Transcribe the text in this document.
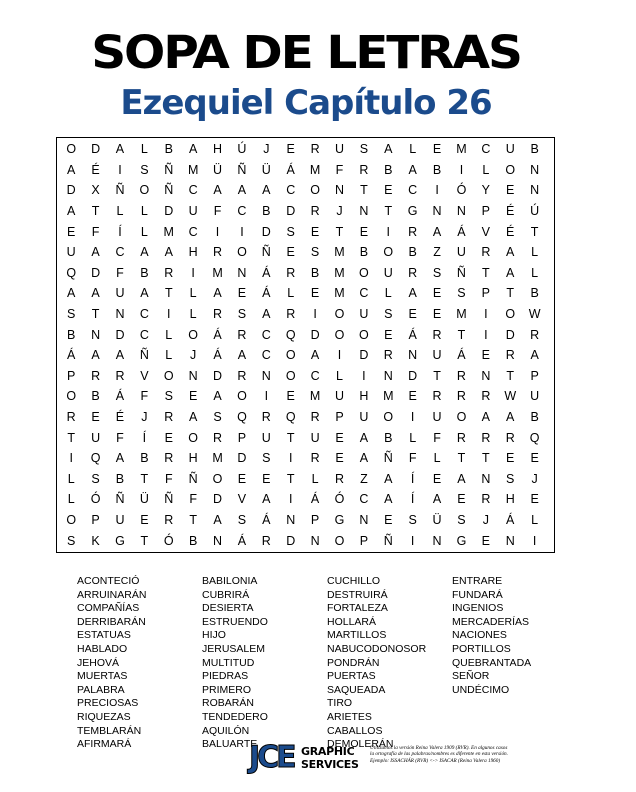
SOPA DE LETRAS
Ezequiel Capítulo 26
O	D	A	L	B	A	H	Ú	J	E	R	U	S	A	L	E	M	C	U	B
A	É	I	S	Ñ	M	Ü	Ñ	Ü	Á	M	F	R	B	A	B	I	L	O	N
D	X	Ñ	O	Ñ	C	A	A	A	C	O	N	T	E	C	I	Ó	Y	E	N
A	T	L	L	D	U	F	C	B	D	R	J	N	T	G	N	N	P	É	Ú
E	F	Í	L	M	C	I	I	D	S	E	T	E	I	R	A	Á	V	É	T
U	A	C	A	A	H	R	O	Ñ	E	S	M	B	O	B	Z	U	R	A	L
Q	D	F	B	R	I	M	N	Á	R	B	M	O	U	R	S	Ñ	T	A	L
A	A	U	A	T	L	A	E	Á	L	E	M	C	L	A	E	S	P	T	B
S	T	N	C	I	L	R	S	A	R	I	O	U	S	E	E	M	I	O	W
B	N	D	C	L	O	Á	R	C	Q	D	O	O	E	Á	R	T	I	D	R
Á	A	A	Ñ	L	J	Á	A	C	O	A	I	D	R	N	U	Á	E	R	A
P	R	R	V	O	N	D	R	N	O	C	L	I	N	D	T	R	N	T	P
O	B	Á	F	S	E	A	O	I	E	M	U	H	M	E	R	R	R	W	U
R	E	É	J	R	A	S	Q	R	Q	R	P	U	O	I	U	O	A	A	B
T	U	F	Í	E	O	R	P	U	T	U	E	A	B	L	F	R	R	R	Q
I	Q	A	B	R	H	M	D	S	I	R	E	A	Ñ	F	L	T	T	E	E
L	S	B	T	F	Ñ	O	E	E	T	L	R	Z	A	Í	E	A	N	S	J
L	Ó	Ñ	Ü	Ñ	F	D	V	A	I	Á	Ó	C	A	Í	A	E	R	H	E
O	P	U	E	R	T	A	S	Á	N	P	G	N	E	S	Ü	S	J	Á	L
S	K	G	T	Ó	B	N	Á	R	D	N	O	P	Ñ	I	N	G	E	N	I
ACONTECIÓ
ARRUINARÁN
COMPAÑÍAS
DERRIBARÁN
ESTATUAS
HABLADO
JEHOVÁ
MUERTAS
PALABRA
PRECIOSAS
RIQUEZAS
TEMBLARÁN
AFIRMARÁ
BABILONIA
CUBRIRÁ
DESIERTA
ESTRUENDO
HIJO
JERUSALEM
MULTITUD
PIEDRAS
PRIMERO
ROBARÁN
TENDEDERO
AQUILÓN
BALUARTE
CUCHILLO
DESTRUIRÁ
FORTALEZA
HOLLARÁ
MARTILLOS
NABUCODONOSOR
PONDRÁN
PUERTAS
SAQUEADA
TIRO
ARIETES
CABALLOS
DEMOLERÁN
ENTRARE
FUNDARÁ
INGENIOS
MERCADERÍAS
NACIONES
PORTILLOS
QUEBRANTADA
SEÑOR
UNDÉCIMO
JCE GRAPHIC
SERVICES
Utilizamos la versión Reina Valera 1909 (RVR). En algunos casos
la ortografía de las palabras/nombres es diferente en esta versión.
Ejemplo: ISSACHÁR (RVR) <-> ISACAR (Reina Valera 1960)
